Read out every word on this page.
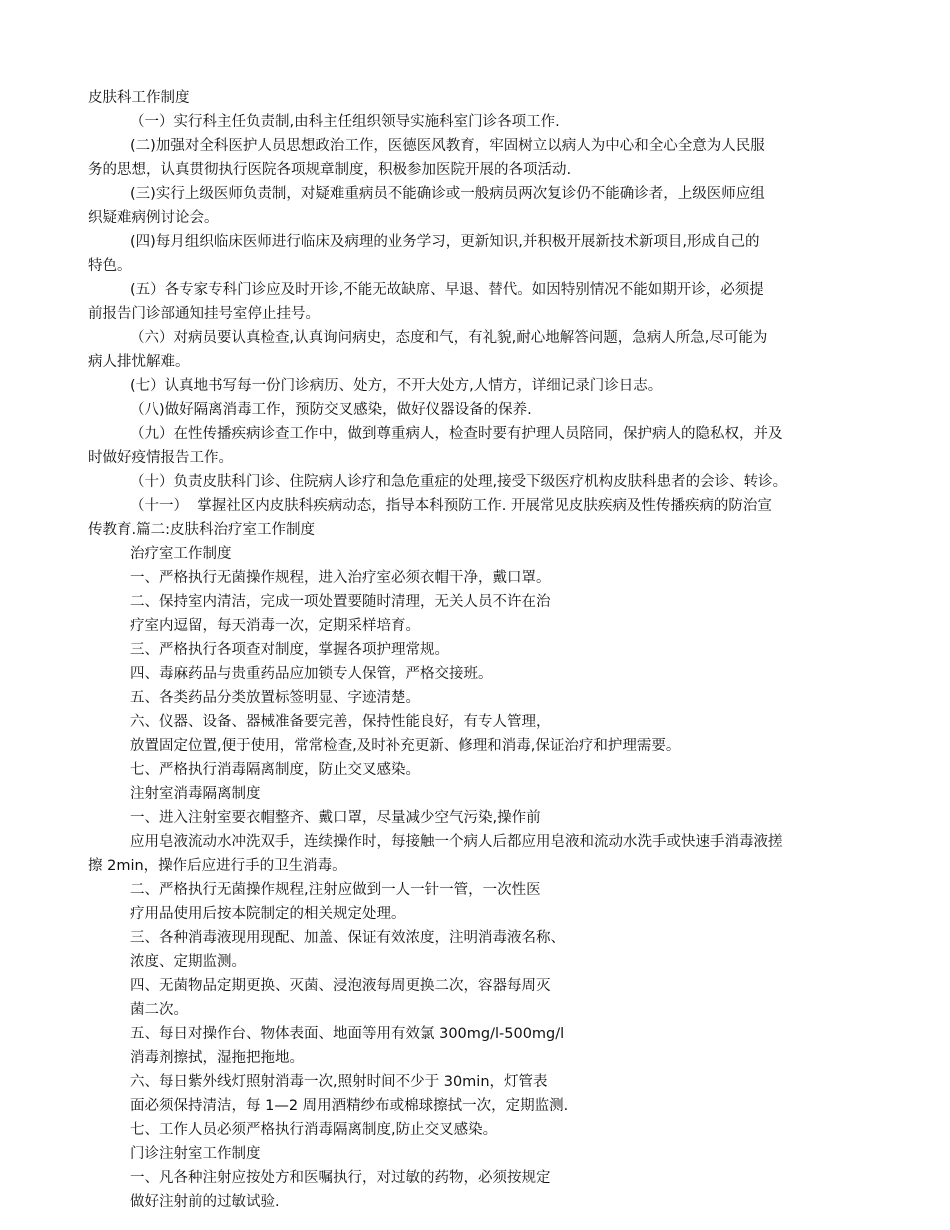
皮肤科工作制度
（一）实行科主任负责制,由科主任组织领导实施科室门诊各项工作.
(二)加强对全科医护人员思想政治工作，医德医风教育，牢固树立以病人为中心和全心全意为人民服
务的思想，认真贯彻执行医院各项规章制度，积极参加医院开展的各项活动.
(三)实行上级医师负责制，对疑难重病员不能确诊或一般病员两次复诊仍不能确诊者，上级医师应组
织疑难病例讨论会。
(四)每月组织临床医师进行临床及病理的业务学习，更新知识,并积极开展新技术新项目,形成自己的
特色。
(五）各专家专科门诊应及时开诊,不能无故缺席、早退、替代。如因特别情况不能如期开诊，必须提
前报告门诊部通知挂号室停止挂号。
（六）对病员要认真检查,认真询问病史，态度和气，有礼貌,耐心地解答问题，急病人所急,尽可能为
病人排忧解难。
(七）认真地书写每一份门诊病历、处方，不开大处方,人情方，详细记录门诊日志。
（八)做好隔离消毒工作，预防交叉感染，做好仪器设备的保养.
（九）在性传播疾病诊查工作中，做到尊重病人，检查时要有护理人员陪同，保护病人的隐私权，并及
时做好疫情报告工作。
（十）负责皮肤科门诊、住院病人诊疗和急危重症的处理,接受下级医疗机构皮肤科患者的会诊、转诊。
（十一）  掌握社区内皮肤科疾病动态，指导本科预防工作. 开展常见皮肤疾病及性传播疾病的防治宣
传教育.篇二:皮肤科治疗室工作制度
治疗室工作制度
一、严格执行无菌操作规程，进入治疗室必须衣帽干净，戴口罩。
二、保持室内清洁，完成一项处置要随时清理，无关人员不许在治
疗室内逗留，每天消毒一次，定期采样培育。
三、严格执行各项查对制度，掌握各项护理常规。
四、毒麻药品与贵重药品应加锁专人保管，严格交接班。
五、各类药品分类放置标签明显、字迹清楚。
六、仪器、设备、器械准备要完善，保持性能良好，有专人管理，
放置固定位置,便于使用，常常检查,及时补充更新、修理和消毒,保证治疗和护理需要。
七、严格执行消毒隔离制度，防止交叉感染。
注射室消毒隔离制度
一、进入注射室要衣帽整齐、戴口罩，尽量减少空气污染,操作前
应用皂液流动水冲洗双手，连续操作时，每接触一个病人后都应用皂液和流动水洗手或快速手消毒液搓
擦 2min，操作后应进行手的卫生消毒。
二、严格执行无菌操作规程,注射应做到一人一针一管，一次性医
疗用品使用后按本院制定的相关规定处理。
三、各种消毒液现用现配、加盖、保证有效浓度，注明消毒液名称、
浓度、定期监测。
四、无菌物品定期更换、灭菌、浸泡液每周更换二次，容器每周灭
菌二次。
五、每日对操作台、物体表面、地面等用有效氯 300mg/l-500mg/l
消毒剂擦拭，湿拖把拖地。
六、每日紫外线灯照射消毒一次,照射时间不少于 30min，灯管表
面必须保持清洁，每 1—2 周用酒精纱布或棉球擦拭一次，定期监测.
七、工作人员必须严格执行消毒隔离制度,防止交叉感染。
门诊注射室工作制度
一、凡各种注射应按处方和医嘱执行，对过敏的药物，必须按规定
做好注射前的过敏试验.
